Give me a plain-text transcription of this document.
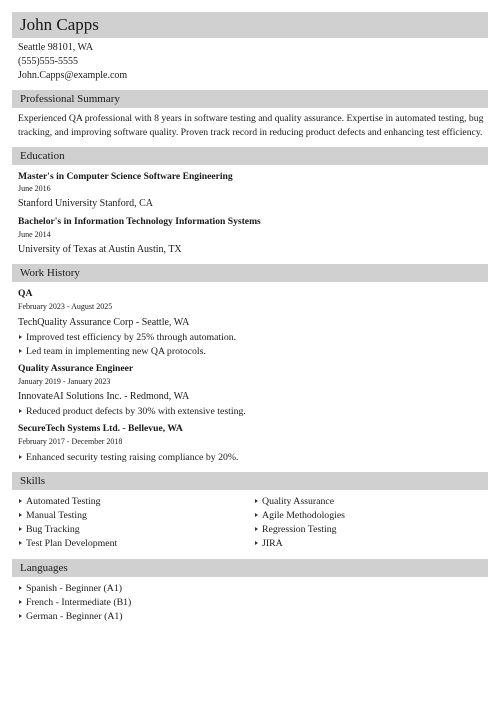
John Capps
Seattle 98101, WA
(555)555-5555
John.Capps@example.com
Professional Summary
Experienced QA professional with 8 years in software testing and quality assurance. Expertise in automated testing, bug tracking, and improving software quality. Proven track record in reducing product defects and enhancing test efficiency.
Education
Master's in Computer Science Software Engineering
June 2016
Stanford University Stanford, CA
Bachelor's in Information Technology Information Systems
June 2014
University of Texas at Austin Austin, TX
Work History
QA
February 2023 - August 2025
TechQuality Assurance Corp - Seattle, WA
Improved test efficiency by 25% through automation.
Led team in implementing new QA protocols.
Quality Assurance Engineer
January 2019 - January 2023
InnovateAI Solutions Inc. - Redmond, WA
Reduced product defects by 30% with extensive testing.
SecureTech Systems Ltd. - Bellevue, WA
February 2017 - December 2018
Enhanced security testing raising compliance by 20%.
Skills
Automated Testing
Manual Testing
Bug Tracking
Test Plan Development
Quality Assurance
Agile Methodologies
Regression Testing
JIRA
Languages
Spanish - Beginner (A1)
French - Intermediate (B1)
German - Beginner (A1)
